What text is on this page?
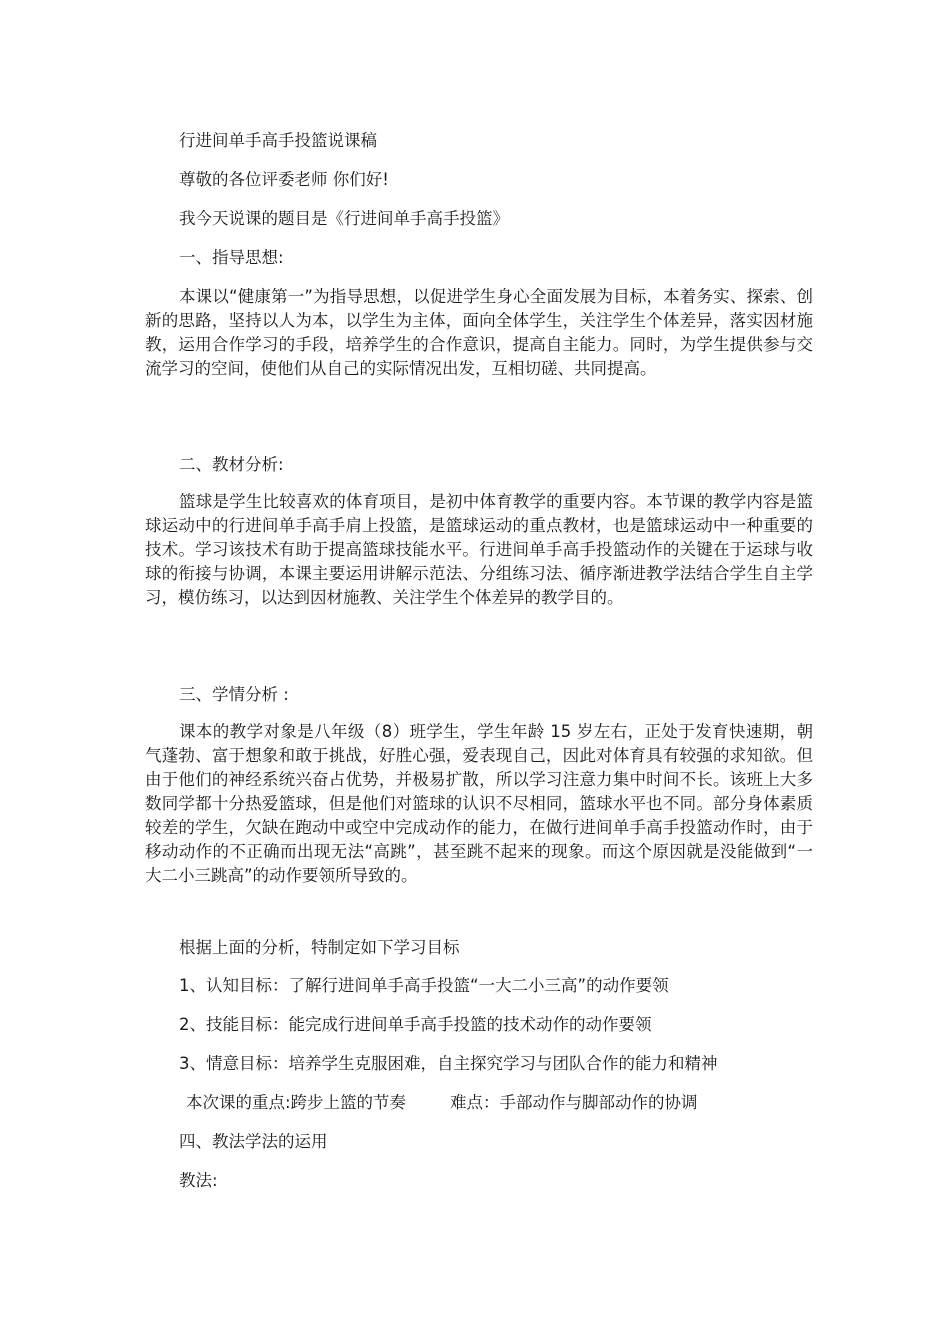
行进间单手高手投篮说课稿
尊敬的各位评委老师 你们好!
我今天说课的题目是《行进间单手高手投篮》
一、指导思想:
本课以“健康第一”为指导思想，以促进学生身心全面发展为目标，本着务实、探索、创新的思路，坚持以人为本，以学生为主体，面向全体学生，关注学生个体差异，落实因材施教，运用合作学习的手段，培养学生的合作意识，提高自主能力。同时，为学生提供参与交流学习的空间，使他们从自己的实际情况出发，互相切磋、共同提高。
二、教材分析:
篮球是学生比较喜欢的体育项目，是初中体育教学的重要内容。本节课的教学内容是篮球运动中的行进间单手高手肩上投篮，是篮球运动的重点教材，也是篮球运动中一种重要的技术。学习该技术有助于提高篮球技能水平。行进间单手高手投篮动作的关键在于运球与收球的衔接与协调，本课主要运用讲解示范法、分组练习法、循序渐进教学法结合学生自主学习，模仿练习，以达到因材施教、关注学生个体差异的教学目的。
三、学情分析 :
课本的教学对象是八年级（8）班学生，学生年龄 15 岁左右，正处于发育快速期，朝气蓬勃、富于想象和敢于挑战，好胜心强，爱表现自己，因此对体育具有较强的求知欲。但由于他们的神经系统兴奋占优势，并极易扩散，所以学习注意力集中时间不长。该班上大多数同学都十分热爱篮球，但是他们对篮球的认识不尽相同，篮球水平也不同。部分身体素质较差的学生，欠缺在跑动中或空中完成动作的能力，在做行进间单手高手投篮动作时，由于移动动作的不正确而出现无法“高跳”，甚至跳不起来的现象。而这个原因就是没能做到“一大二小三跳高”的动作要领所导致的。
根据上面的分析，特制定如下学习目标
1、认知目标：了解行进间单手高手投篮“一大二小三高”的动作要领
2、技能目标：能完成行进间单手高手投篮的技术动作的动作要领
3、情意目标：培养学生克服困难，自主探究学习与团队合作的能力和精神
本次课的重点:跨步上篮的节奏	难点：手部动作与脚部动作的协调
四、教法学法的运用
教法:
